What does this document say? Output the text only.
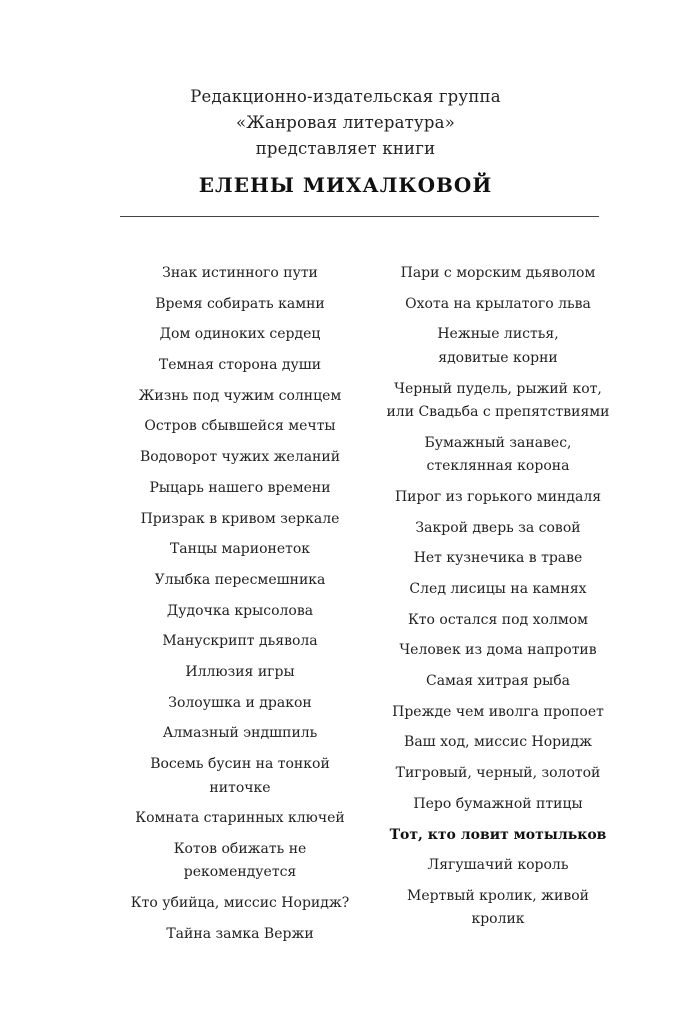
Редакционно-издательская группа
«Жанровая литература»
представляет книги
ЕЛЕНЫ МИХАЛКОВОЙ
Знак истинного пути
Время собирать камни
Дом одиноких сердец
Темная сторона души
Жизнь под чужим солнцем
Остров сбывшейся мечты
Водоворот чужих желаний
Рыцарь нашего времени
Призрак в кривом зеркале
Танцы марионеток
Улыбка пересмешника
Дудочка крысолова
Манускрипт дьявола
Иллюзия игры
Золоушка и дракон
Алмазный эндшпиль
Восемь бусин на тонкой ниточке
Комната старинных ключей
Котов обижать не рекомендуется
Кто убийца, миссис Норидж?
Тайна замка Вержи
Пари с морским дьяволом
Охота на крылатого льва
Нежные листья, ядовитые корни
Черный пудель, рыжий кот, или Свадьба с препятствиями
Бумажный занавес, стеклянная корона
Пирог из горького миндаля
Закрой дверь за совой
Нет кузнечика в траве
След лисицы на камнях
Кто остался под холмом
Человек из дома напротив
Самая хитрая рыба
Прежде чем иволга пропоет
Ваш ход, миссис Норидж
Тигровый, черный, золотой
Перо бумажной птицы
Тот, кто ловит мотыльков
Лягушачий король
Мертвый кролик, живой кролик
